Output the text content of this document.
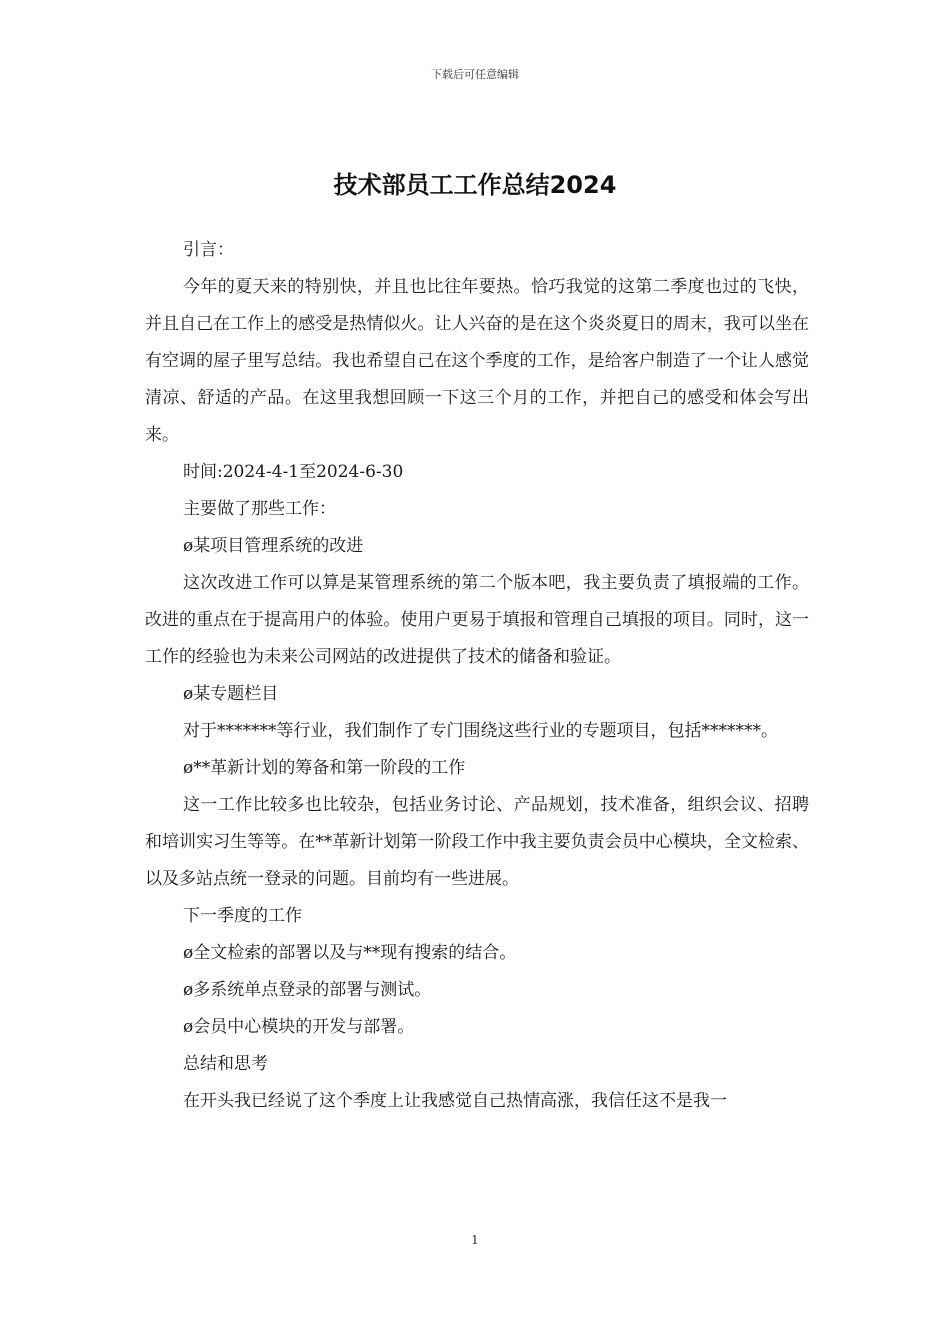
下载后可任意编辑
技术部员工工作总结2024

引言：

今年的夏天来的特别快，并且也比往年要热。恰巧我觉的这第二季度也过的飞快，并且自己在工作上的感受是热情似火。让人兴奋的是在这个炎炎夏日的周末，我可以坐在有空调的屋子里写总结。我也希望自己在这个季度的工作，是给客户制造了一个让人感觉清凉、舒适的产品。在这里我想回顾一下这三个月的工作，并把自己的感受和体会写出来。

时间:2024-4-1至2024-6-30

主要做了那些工作：

ø某项目管理系统的改进

这次改进工作可以算是某管理系统的第二个版本吧，我主要负责了填报端的工作。改进的重点在于提高用户的体验。使用户更易于填报和管理自己填报的项目。同时，这一工作的经验也为未来公司网站的改进提供了技术的储备和验证。

ø某专题栏目

对于*******等行业，我们制作了专门围绕这些行业的专题项目，包括*******。

ø**革新计划的筹备和第一阶段的工作

这一工作比较多也比较杂，包括业务讨论、产品规划，技术准备，组织会议、招聘和培训实习生等等。在**革新计划第一阶段工作中我主要负责会员中心模块，全文检索、以及多站点统一登录的问题。目前均有一些进展。

下一季度的工作

ø全文检索的部署以及与**现有搜索的结合。

ø多系统单点登录的部署与测试。

ø会员中心模块的开发与部署。

总结和思考

在开头我已经说了这个季度上让我感觉自己热情高涨，我信任这不是我一

1
